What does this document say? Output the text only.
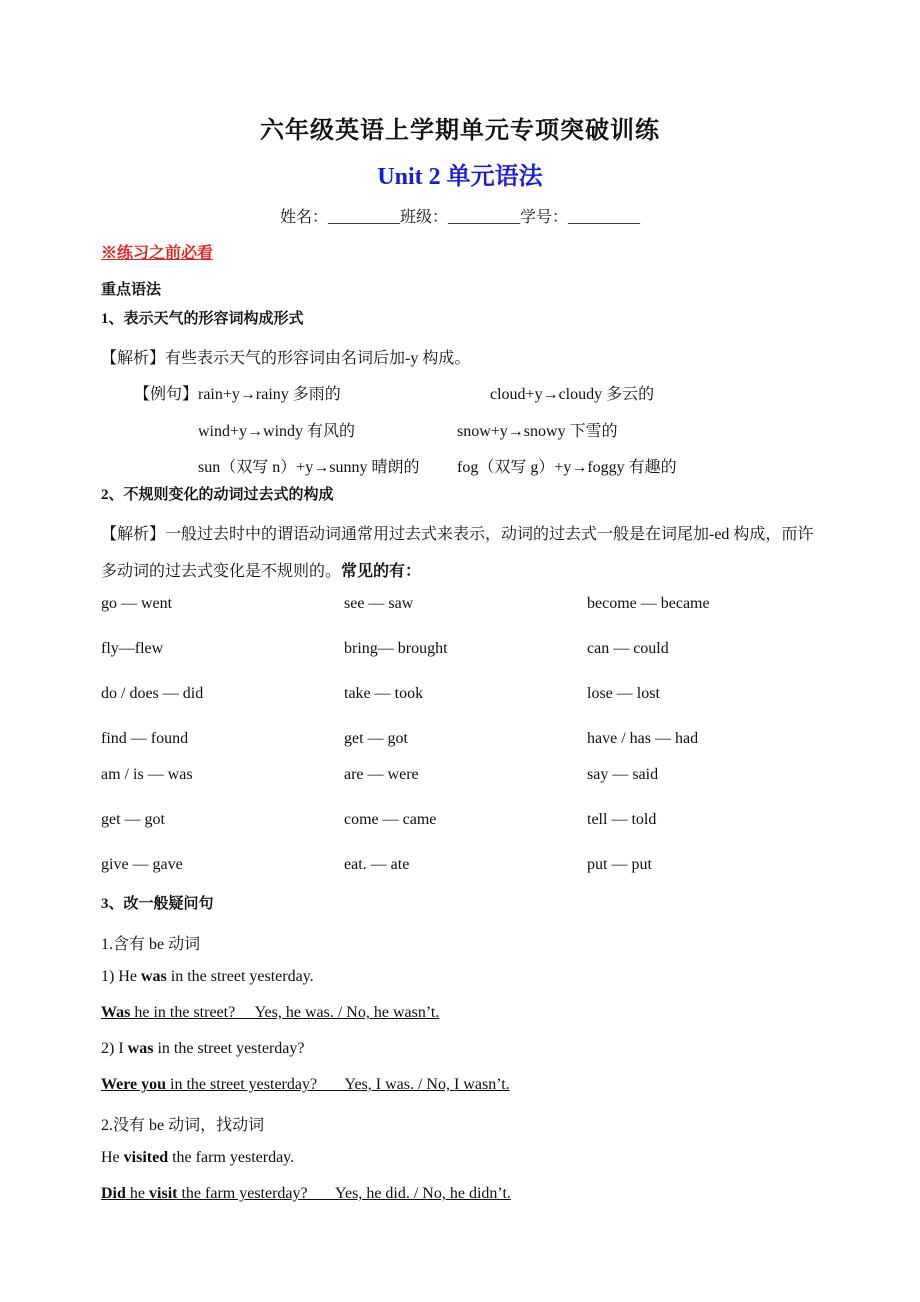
六年级英语上学期单元专项突破训练
Unit 2 单元语法
姓名：_________班级：_________学号：_________
※练习之前必看
重点语法
1、表示天气的形容词构成形式
【解析】有些表示天气的形容词由名词后加-y 构成。
【例句】 rain+y→rainy 多雨的	cloud+y→cloudy 多云的
wind+y→windy 有风的	snow+y→snowy 下雪的
sun（双写 n）+y→sunny 晴朗的 fog（双写 g）+y→foggy 有趣的
2、不规则变化的动词过去式的构成
【解析】一般过去时中的谓语动词通常用过去式来表示，动词的过去式一般是在词尾加-ed 构成，而许
多动词的过去式变化是不规则的。常见的有：
go — went	see — saw	become — became
fly—flew	bring— brought	can — could
do / does — did	take — took	lose — lost
find — found	get — got	have / has — had
am / is — was	are — were	say — said
get — got	come — came	tell — told
give — gave	eat. — ate	put — put
3、改一般疑问句
1.含有 be 动词
1) He was in the street yesterday.
Was he in the street?     Yes, he was. / No, he wasn’t.
2) I was in the street yesterday?
Were you in the street yesterday?       Yes, I was. / No, I wasn’t.
2.没有 be 动词，找动词
He visited the farm yesterday.
Did he visit the farm yesterday?       Yes, he did. / No, he didn’t.
